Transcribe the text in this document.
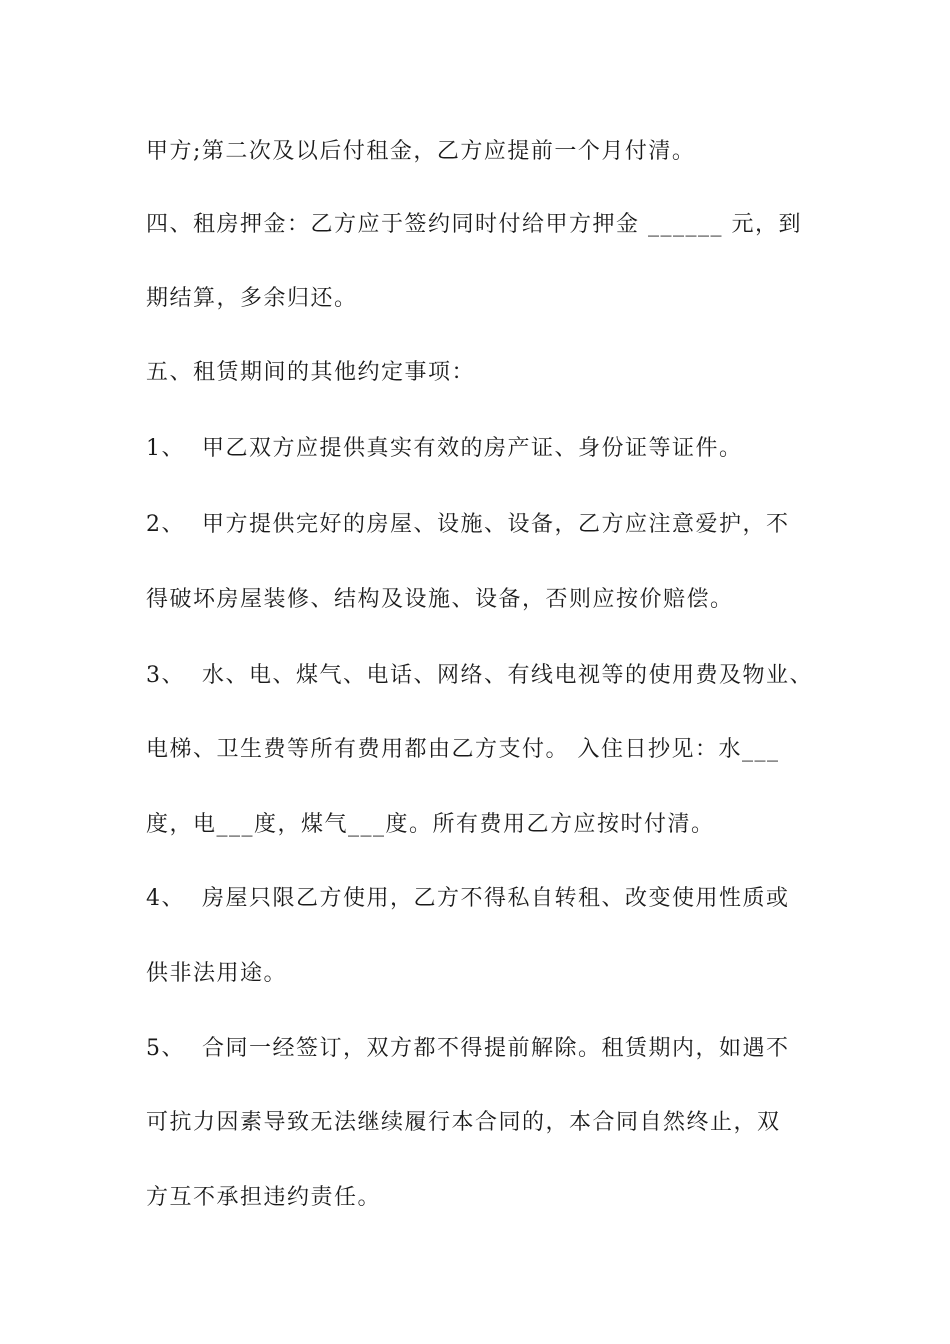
甲方;第二次及以后付租金，乙方应提前一个月付清。
四、租房押金：乙方应于签约同时付给甲方押金 ______ 元，到
期结算，多余归还。
五、租赁期间的其他约定事项：
1、  甲乙双方应提供真实有效的房产证、身份证等证件。
2、  甲方提供完好的房屋、设施、设备，乙方应注意爱护，不
得破坏房屋装修、结构及设施、设备，否则应按价赔偿。
3、  水、电、煤气、电话、网络、有线电视等的使用费及物业、
电梯、卫生费等所有费用都由乙方支付。 入住日抄见：水___
度，电___度，煤气___度。所有费用乙方应按时付清。
4、  房屋只限乙方使用，乙方不得私自转租、改变使用性质或
供非法用途。
5、  合同一经签订，双方都不得提前解除。租赁期内，如遇不
可抗力因素导致无法继续履行本合同的，本合同自然终止，双
方互不承担违约责任。
